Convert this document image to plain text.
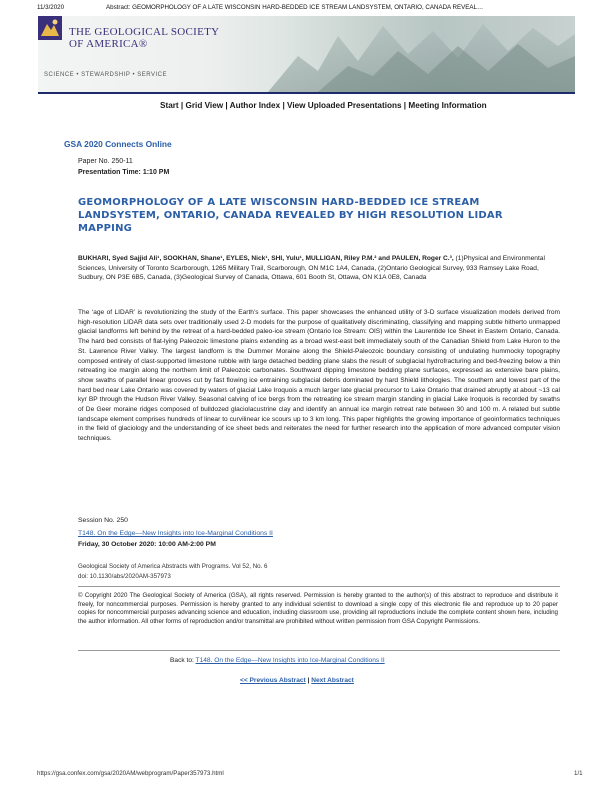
11/3/2020	Abstract: GEOMORPHOLOGY OF A LATE WISCONSIN HARD-BEDDED ICE STREAM LANDSYSTEM, ONTARIO, CANADA REVEAL…
THE GEOLOGICAL SOCIETY
OF AMERICA®
SCIENCE • STEWARDSHIP • SERVICE
Start | Grid View | Author Index | View Uploaded Presentations | Meeting Information
GSA 2020 Connects Online
Paper No. 250-11
Presentation Time: 1:10 PM
GEOMORPHOLOGY OF A LATE WISCONSIN HARD-BEDDED ICE STREAM LANDSYSTEM, ONTARIO, CANADA REVEALED BY HIGH RESOLUTION LIDAR MAPPING
BUKHARI, Syed Sajjid Ali¹, SOOKHAN, Shane¹, EYLES, Nick¹, SHI, Yulu¹, MULLIGAN, Riley P.M.² and PAULEN, Roger C.³, (1)Physical and Environmental Sciences, University of Toronto Scarborough, 1265 Military Trail, Scarborough, ON M1C 1A4, Canada, (2)Ontario Geological Survey, 933 Ramsey Lake Road, Sudbury, ON P3E 6B5, Canada, (3)Geological Survey of Canada, Ottawa, 601 Booth St, Ottawa, ON K1A 0E8, Canada
The ‘age of LIDAR’ is revolutionizing the study of the Earth’s surface. This paper showcases the enhanced utility of 3-D surface visualization models derived from high-resolution LIDAR data sets over traditionally used 2-D models for the purpose of qualitatively discriminating, classifying and mapping subtle hitherto unmapped glacial landforms left behind by the retreat of a hard-bedded paleo-ice stream (Ontario Ice Stream: OIS) within the Laurentide Ice Sheet in Eastern Ontario, Canada. The hard bed consists of flat-lying Paleozoic limestone plains extending as a broad west-east belt immediately south of the Canadian Shield from Lake Huron to the St. Lawrence River Valley. The largest landform is the Dummer Moraine along the Shield-Paleozoic boundary consisting of undulating hummocky topography composed entirely of clast-supported limestone rubble with large detached bedding plane slabs the result of subglacial hydrofracturing and bed-freezing below a thin retreating ice margin along the northern limit of Paleozoic carbonates. Southward dipping limestone bedding plane surfaces, expressed as extensive bare plains, show swaths of parallel linear grooves cut by fast flowing ice entraining subglacial debris dominated by hard Shield lithologies. The southern and lowest part of the hard bed near Lake Ontario was covered by waters of glacial Lake Iroquois a much larger late glacial precursor to Lake Ontario that drained abruptly at about ~13 cal kyr BP through the Hudson River Valley. Seasonal calving of ice bergs from the retreating ice stream margin standing in glacial Lake Iroquois is recorded by swaths of De Geer moraine ridges composed of bulldozed glaciolacustrine clay and identify an annual ice margin retreat rate between 30 and 100 m. A related but subtle landscape element comprises hundreds of linear to curvilinear ice scours up to 3 km long. This paper highlights the growing importance of geoinformatics techniques in the field of glaciology and the understanding of ice sheet beds and reiterates the need for further research into the application of more advanced computer vision techniques.
Session No. 250
T148. On the Edge—New Insights into Ice-Marginal Conditions II
Friday, 30 October 2020: 10:00 AM-2:00 PM
Geological Society of America Abstracts with Programs. Vol 52, No. 6
doi: 10.1130/abs/2020AM-357973
© Copyright 2020 The Geological Society of America (GSA), all rights reserved. Permission is hereby granted to the author(s) of this abstract to reproduce and distribute it freely, for noncommercial purposes. Permission is hereby granted to any individual scientist to download a single copy of this electronic file and reproduce up to 20 paper copies for noncommercial purposes advancing science and education, including classroom use, providing all reproductions include the complete content shown here, including the author information. All other forms of reproduction and/or transmittal are prohibited without written permission from GSA Copyright Permissions.
Back to: T148. On the Edge—New Insights into Ice-Marginal Conditions II
<< Previous Abstract | Next Abstract
https://gsa.confex.com/gsa/2020AM/webprogram/Paper357973.html	1/1
